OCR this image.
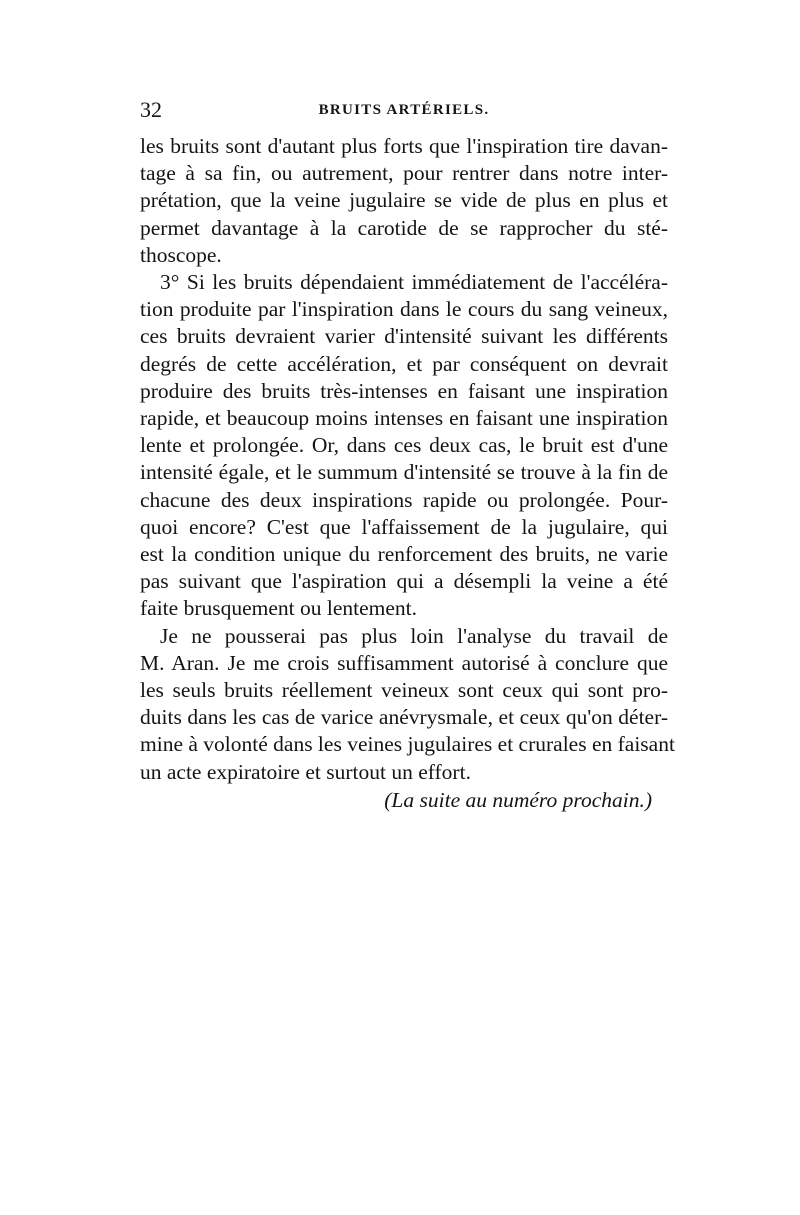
32	BRUITS ARTÉRIELS.

les bruits sont d'autant plus forts que l'inspiration tire davan-
tage à sa fin, ou autrement, pour rentrer dans notre inter-
prétation, que la veine jugulaire se vide de plus en plus et
permet davantage à la carotide de se rapprocher du sté-
thoscope.

3° Si les bruits dépendaient immédiatement de l'accéléra-
tion produite par l'inspiration dans le cours du sang veineux,
ces bruits devraient varier d'intensité suivant les différents
degrés de cette accélération, et par conséquent on devrait
produire des bruits très-intenses en faisant une inspiration
rapide, et beaucoup moins intenses en faisant une inspiration
lente et prolongée. Or, dans ces deux cas, le bruit est d'une
intensité égale, et le summum d'intensité se trouve à la fin de
chacune des deux inspirations rapide ou prolongée. Pour-
quoi encore? C'est que l'affaissement de la jugulaire, qui
est la condition unique du renforcement des bruits, ne varie
pas suivant que l'aspiration qui a désempli la veine a été
faite brusquement ou lentement.

Je ne pousserai pas plus loin l'analyse du travail de
M. Aran. Je me crois suffisamment autorisé à conclure que
les seuls bruits réellement veineux sont ceux qui sont pro-
duits dans les cas de varice anévrysmale, et ceux qu'on déter-
mine à volonté dans les veines jugulaires et crurales en faisant
un acte expiratoire et surtout un effort.

(La suite au numéro prochain.)
